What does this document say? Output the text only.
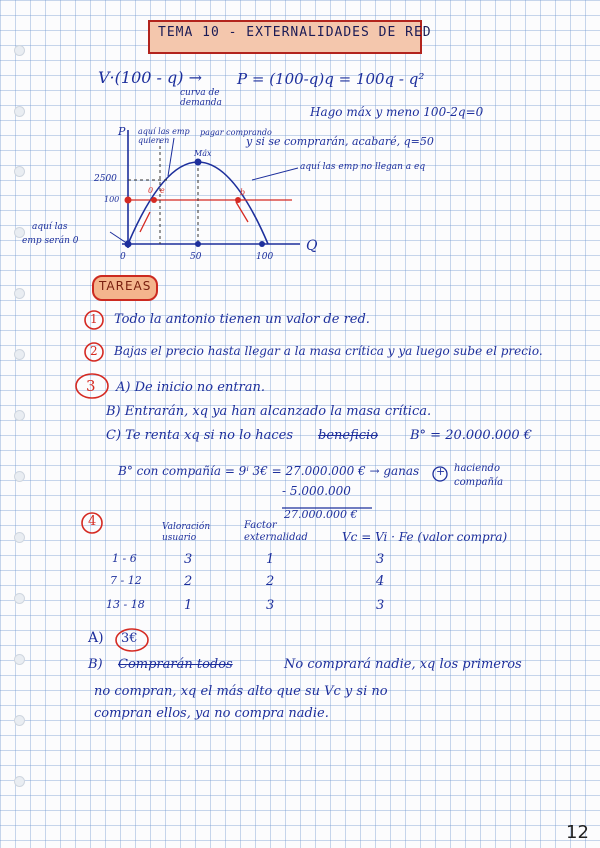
TEMA 10 - EXTERNALIDADES DE RED
V·(100 - q) →
curva de demanda
P = (100-q)q = 100q - q²
Hago máx y meno 100-2q=0
y si se comprarán, acabaré, q=50
P
Q
2500
100
0	50	100
Máx
aquí las emp quieren
pagar comprando
aquí las emp no llegan a eq
aquí las
emp serán 0
0 e	b
TAREAS
1 Todo la antonio tienen un valor de red.
2 Bajas el precio hasta llegar a la masa crítica y ya luego sube el precio.
3 A) De inicio no entran.
B) Entrarán, xq ya han alcanzado la masa crítica.
C) Te renta xq si no lo haces beneficio B° = 20.000.000 €
B° con compañía = 9ⁱ 3€ = 27.000.000 € → ganas + haciendo compañía
- 5.000.000
27.000.000 €
4	Valoración usuario
Factor externalidad	Vc = Vi · Fe (valor compra)
1 - 6	3	1	3
7 - 12	2	2	4
13 - 18	1	3	3
A) 3€
B) Comprarán todos	No comprará nadie, xq los primeros
no compran, xq el más alto que su Vc y si no
compran ellos, ya no compra nadie.
12
